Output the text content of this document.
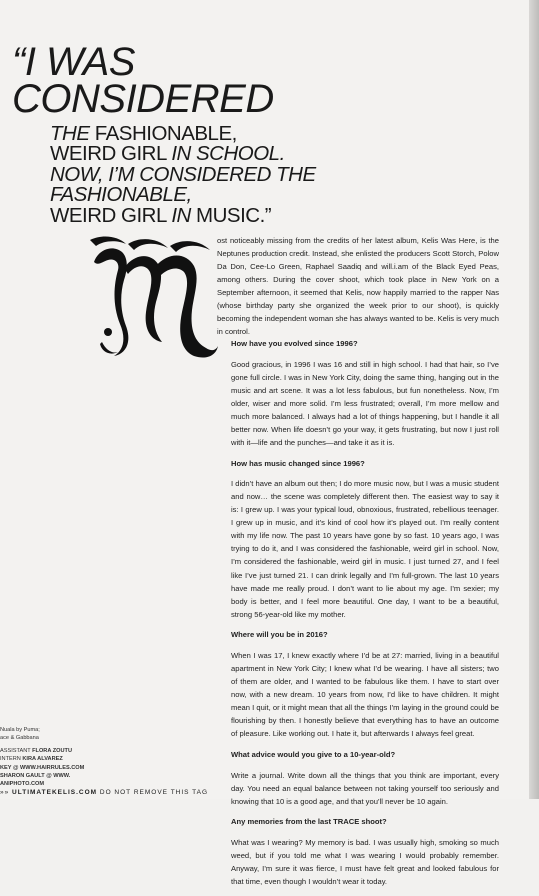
“I WAS
CONSIDERED
THE FASHIONABLE,
WEIRD GIRL IN SCHOOL.
NOW, I’M CONSIDERED THE FASHIONABLE,
WEIRD GIRL IN MUSIC.”

ost noticeably missing from the credits of her latest album, Kelis Was Here, is the Neptunes production credit. Instead, she enlisted the producers Scott Storch, Polow Da Don, Cee-Lo Green, Raphael Saadiq and will.i.am of the Black Eyed Peas, among others. During the cover shoot, which took place in New York on a September afternoon, it seemed that Kelis, now happily married to the rapper Nas (whose birthday party she organized the week prior to our shoot), is quickly becoming the independent woman she has always wanted to be. Kelis is very much in control.

How have you evolved since 1996?

Good gracious, in 1996 I was 16 and still in high school. I had that hair, so I’ve gone full circle. I was in New York City, doing the same thing, hanging out in the music and art scene. It was a lot less fabulous, but fun nonetheless. Now, I’m older, wiser and more solid. I’m less frustrated; overall, I’m more mellow and much more balanced. I always had a lot of things happening, but I handle it all better now. When life doesn’t go your way, it gets frustrating, but now I just roll with it—life and the punches—and take it as it is.

How has music changed since 1996?

I didn’t have an album out then; I do more music now, but I was a music student and now… the scene was completely different then. The easiest way to say it is: I grew up. I was your typical loud, obnoxious, frustrated, rebellious teenager. I grew up in music, and it’s kind of cool how it’s played out. I’m really content with my life now. The past 10 years have gone by so fast. 10 years ago, I was trying to do it, and I was considered the fashionable, weird girl in school. Now, I’m considered the fashionable, weird girl in music. I just turned 27, and I feel like I’ve just turned 21. I can drink legally and I’m full-grown. The last 10 years have made me really proud. I don’t want to lie about my age. I’m sexier; my body is better, and I feel more beautiful. One day, I want to be a beautiful, strong 56-year-old like my mother.

Where will you be in 2016?

When I was 17, I knew exactly where I’d be at 27: married, living in a beautiful apartment in New York City; I knew what I’d be wearing. I have all sisters; two of them are older, and I wanted to be fabulous like them. I have to start over now, with a new dream. 10 years from now, I’d like to have children. It might mean I quit, or it might mean that all the things I’m laying in the ground could be flourishing by then. I honestly believe that everything has to have an outcome of pleasure. Like working out. I hate it, but afterwards I always feel great.

What advice would you give to a 10-year-old?

Write a journal. Write down all the things that you think are important, every day. You need an equal balance between not taking yourself too seriously and knowing that 10 is a good age, and that you’ll never be 10 again.

Any memories from the last TRACE shoot?

What was I wearing? My memory is bad. I was usually high, smoking so much weed, but if you told me what I was wearing I would probably remember. Anyway, I’m sure it was fierce, I must have felt great and looked fabulous for that time, even though I wouldn’t wear it today.

Nuala by Puma;
ace & Gabbana
ASSISTANT FLORA ZOUTU
INTERN KIRA ALVAREZ
KEY @ WWW.HAIRRULES.COM
SHARON GAULT @ WWW.
ANIPHOTO.COM
»» ULTIMATEKELIS.COM DO NOT REMOVE THIS TAG
